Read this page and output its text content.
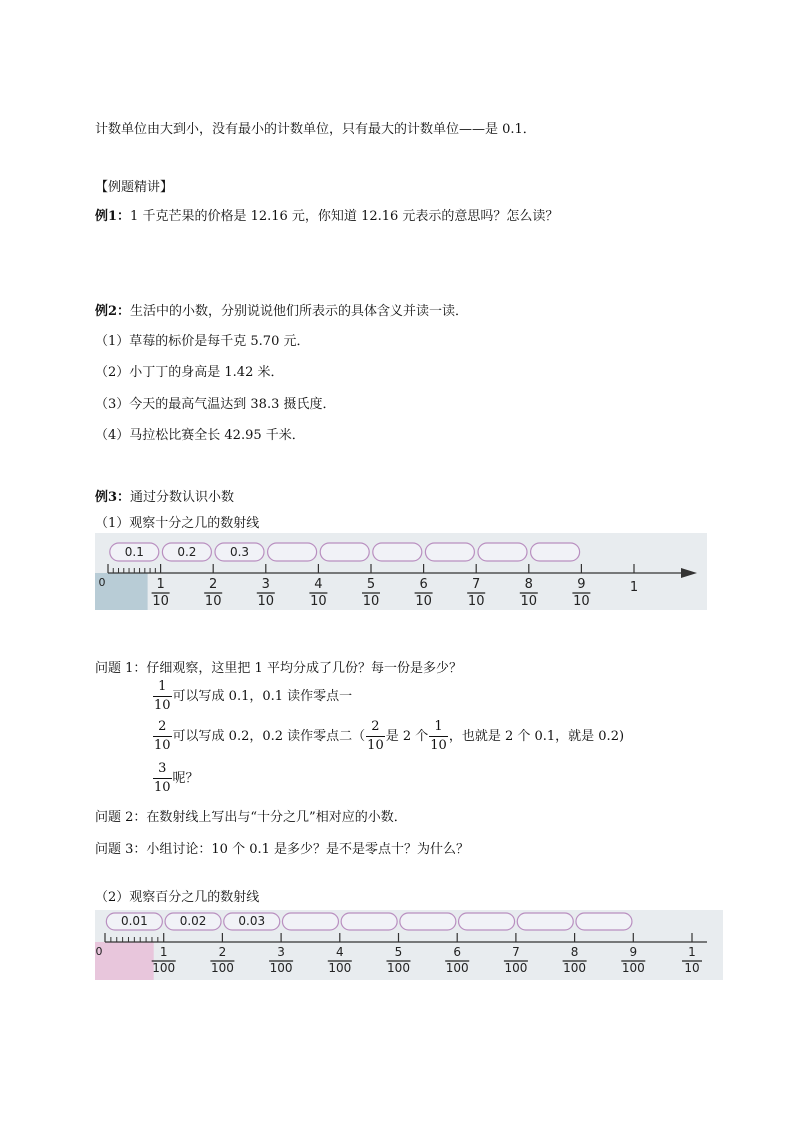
计数单位由大到小，没有最小的计数单位，只有最大的计数单位——是 0.1．
【例题精讲】
例1：1 千克芒果的价格是 12.16 元，你知道 12.16 元表示的意思吗？怎么读？
例2：生活中的小数，分别说说他们所表示的具体含义并读一读．
（1）草莓的标价是每千克 5.70 元．
（2）小丁丁的身高是 1.42 米．
（3）今天的最高气温达到 38.3 摄氏度．
（4）马拉松比赛全长 42.95 千米．
例3：通过分数认识小数
（1）观察十分之几的数射线
0.1	0.2	0.3
0	1
10
2
10
3
10
4
10
5
10
6
10
7
10
8
10
9
10
1
问题 1：仔细观察，这里把 1 平均分成了几份？每一份是多少？
$\frac{1}{10}$ 可以写成 0.1，0.1 读作零点一
$\frac{2}{10}$ 可以写成 0.2，0.2 读作零点二（ $\frac{2}{10}$ 是 2 个 $\frac{1}{10}$ ，也就是 2 个 0.1，就是 0.2)
$\frac{3}{10}$ 呢？
问题 2：在数射线上写出与“十分之几”相对应的小数．
问题 3：小组讨论：10 个 0.1 是多少？是不是零点十？为什么？
（2）观察百分之几的数射线
0.01	0.02	0.03
0	1
100
2
100
3
100
4
100
5
100
6
100
7
100
8
100
9
100
1
10
